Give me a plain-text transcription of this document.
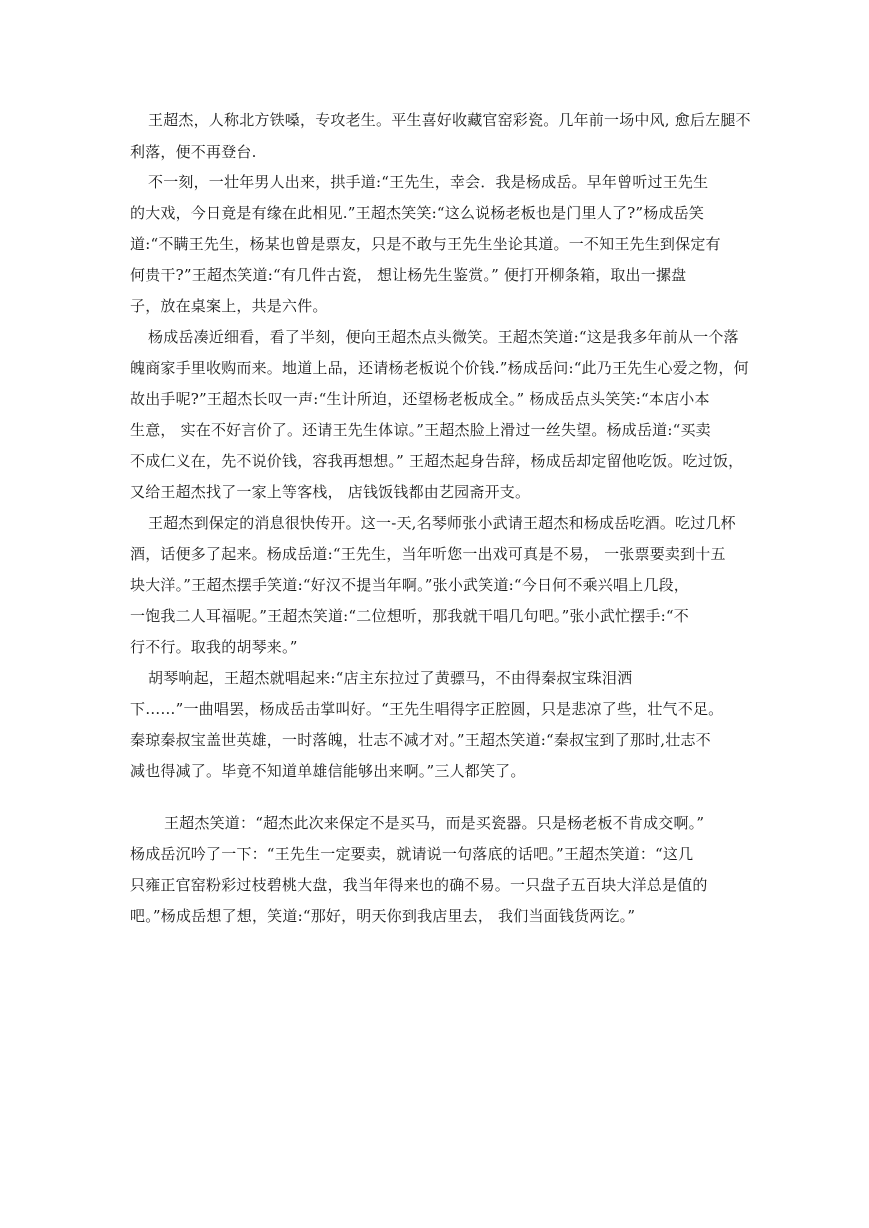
王超杰，人称北方铁嗓，专攻老生。平生喜好收藏官窑彩瓷。几年前一场中风, 愈后左腿不
利落，便不再登台.
不一刻，一壮年男人出来，拱手道:“王先生，幸会．我是杨成岳。早年曾听过王先生
的大戏，今日竟是有缘在此相见.”王超杰笑笑:“这么说杨老板也是门里人了?”杨成岳笑
道:“不瞒王先生，杨某也曾是票友，只是不敢与王先生坐论其道。一不知王先生到保定有
何贵干?”王超杰笑道:“有几件古瓷， 想让杨先生鉴赏。” 便打开柳条箱，取出一摞盘
子，放在桌案上，共是六件。
杨成岳凑近细看，看了半刻，便向王超杰点头微笑。王超杰笑道:“这是我多年前从一个落
魄商家手里收购而来。地道上品，还请杨老板说个价钱.”杨成岳问:“此乃王先生心爱之物，何
故出手呢?”王超杰长叹一声:“生计所迫，还望杨老板成全。” 杨成岳点头笑笑:“本店小本
生意， 实在不好言价了。还请王先生体谅。”王超杰脸上滑过一丝失望。杨成岳道:“买卖
不成仁义在，先不说价钱，容我再想想。” 王超杰起身告辞，杨成岳却定留他吃饭。吃过饭，
又给王超杰找了一家上等客栈， 店钱饭钱都由艺园斋开支。
王超杰到保定的消息很快传开。这一-天,名琴师张小武请王超杰和杨成岳吃酒。吃过几杯
酒，话便多了起来。杨成岳道:“王先生，当年听您一出戏可真是不易， 一张票要卖到十五
块大洋。”王超杰摆手笑道:“好汉不提当年啊。”张小武笑道:“今日何不乘兴唱上几段，
一饱我二人耳福呢。”王超杰笑道:“二位想听，那我就干唱几句吧。”张小武忙摆手:“不
行不行。取我的胡琴来。”
胡琴响起，王超杰就唱起来:“店主东拉过了黄骠马，不由得秦叔宝珠泪洒
下……”一曲唱罢，杨成岳击掌叫好。“王先生唱得字正腔圆，只是悲凉了些，壮气不足。
秦琼秦叔宝盖世英雄，一时落魄，壮志不减才对。”王超杰笑道:“秦叔宝到了那时,壮志不
减也得减了。毕竟不知道单雄信能够出来啊。”三人都笑了。
王超杰笑道：“超杰此次来保定不是买马，而是买瓷器。只是杨老板不肯成交啊。”
杨成岳沉吟了一下：“王先生一定要卖，就请说一句落底的话吧。”王超杰笑道：“这几
只雍正官窑粉彩过枝碧桃大盘，我当年得来也的确不易。一只盘子五百块大洋总是值的
吧。”杨成岳想了想，笑道:“那好，明天你到我店里去， 我们当面钱货两讫。”
